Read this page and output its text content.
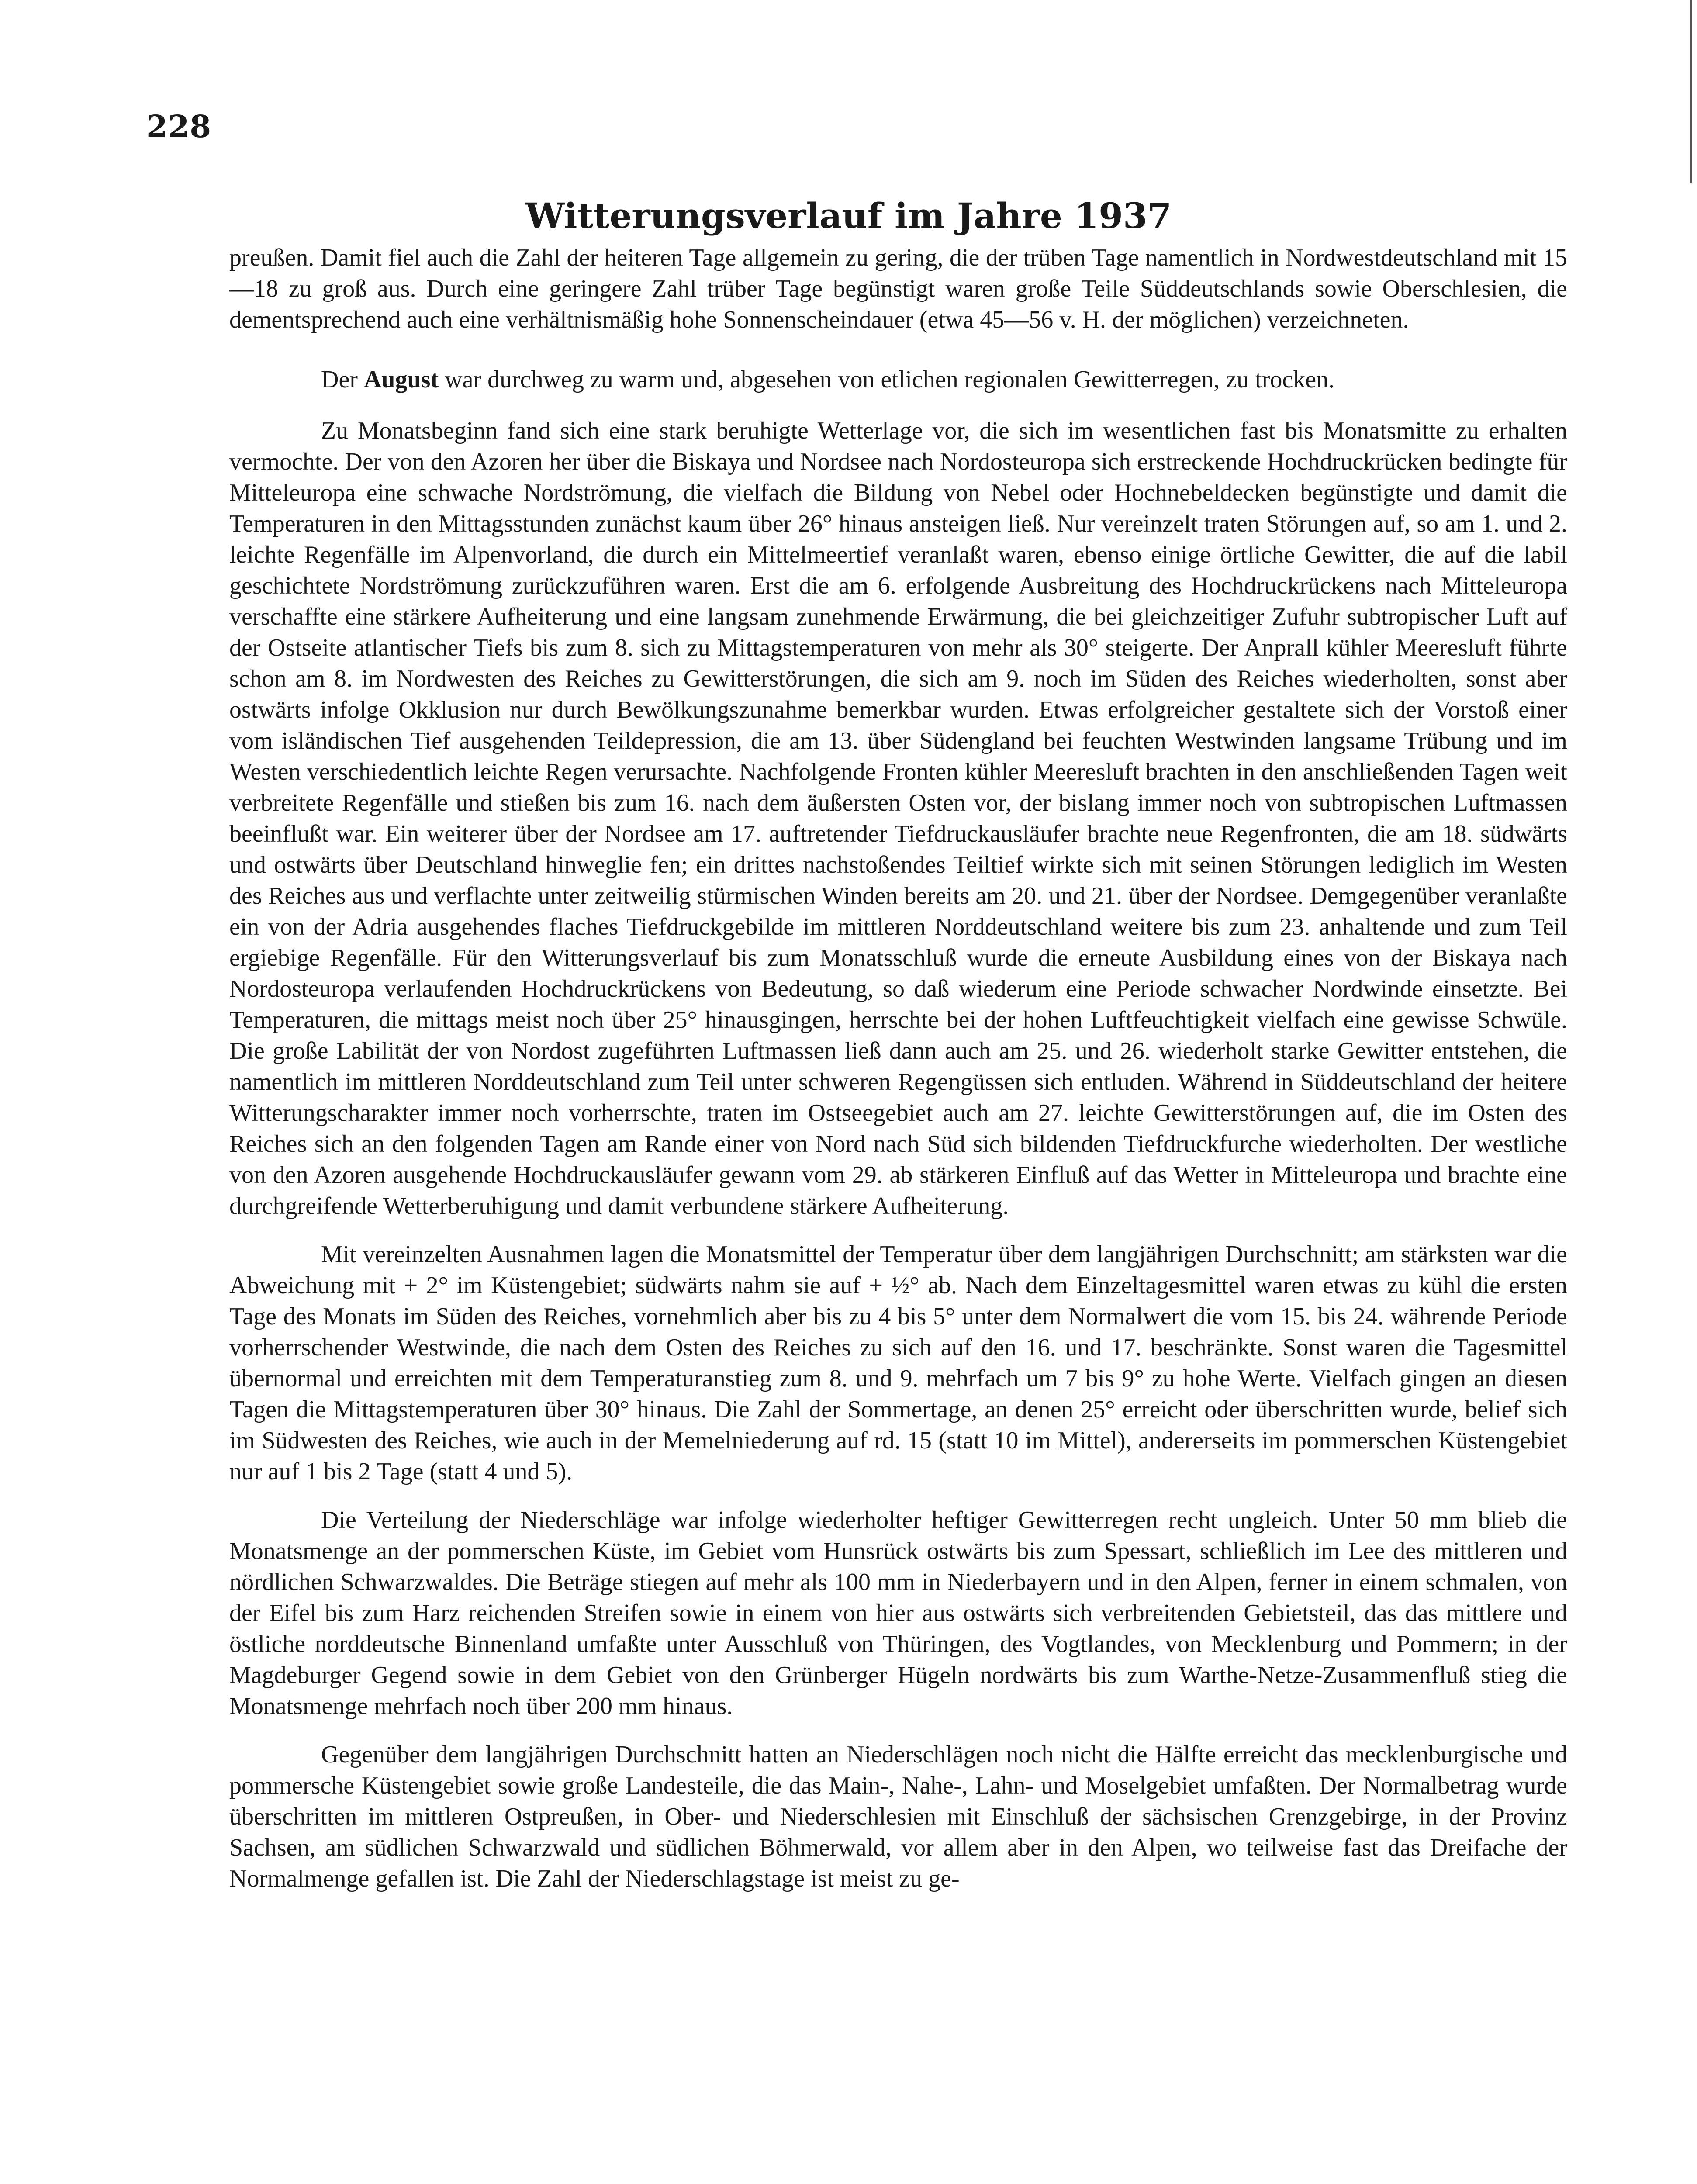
228
Witterungsverlauf im Jahre 1937

preußen. Damit fiel auch die Zahl der heiteren Tage allgemein zu gering, die der trüben Tage namentlich in Nordwestdeutschland mit 15—18 zu groß aus. Durch eine geringere Zahl trüber Tage begünstigt waren große Teile Süddeutschlands sowie Oberschlesien, die dementsprechend auch eine verhältnismäßig hohe Sonnenscheindauer (etwa 45—56 v. H. der möglichen) verzeichneten.

Der August war durchweg zu warm und, abgesehen von etlichen regionalen Gewitterregen, zu trocken.

Zu Monatsbeginn fand sich eine stark beruhigte Wetterlage vor, die sich im wesentlichen fast bis Monatsmitte zu erhalten vermochte. Der von den Azoren her über die Biskaya und Nordsee nach Nordosteuropa sich erstreckende Hochdruckrücken bedingte für Mitteleuropa eine schwache Nordströmung, die vielfach die Bildung von Nebel oder Hochnebeldecken begünstigte und damit die Temperaturen in den Mittagsstunden zunächst kaum über 26° hinaus ansteigen ließ. Nur vereinzelt traten Störungen auf, so am 1. und 2. leichte Regenfälle im Alpenvorland, die durch ein Mittelmeertief veranlaßt waren, ebenso einige örtliche Gewitter, die auf die labil geschichtete Nordströmung zurückzuführen waren. Erst die am 6. erfolgende Ausbreitung des Hochdruckrückens nach Mitteleuropa verschaffte eine stärkere Aufheiterung und eine langsam zunehmende Erwärmung, die bei gleichzeitiger Zufuhr subtropischer Luft auf der Ostseite atlantischer Tiefs bis zum 8. sich zu Mittagstemperaturen von mehr als 30° steigerte. Der Anprall kühler Meeresluft führte schon am 8. im Nordwesten des Reiches zu Gewitterstörungen, die sich am 9. noch im Süden des Reiches wiederholten, sonst aber ostwärts infolge Okklusion nur durch Bewölkungszunahme bemerkbar wurden. Etwas erfolgreicher gestaltete sich der Vorstoß einer vom isländischen Tief ausgehenden Teildepression, die am 13. über Südengland bei feuchten Westwinden langsame Trübung und im Westen verschiedentlich leichte Regen verursachte. Nachfolgende Fronten kühler Meeresluft brachten in den anschließenden Tagen weit verbreitete Regenfälle und stießen bis zum 16. nach dem äußersten Osten vor, der bislang immer noch von subtropischen Luftmassen beeinflußt war. Ein weiterer über der Nordsee am 17. auftretender Tiefdruckausläufer brachte neue Regenfronten, die am 18. südwärts und ostwärts über Deutschland hinweglie fen; ein drittes nachstoßendes Teiltief wirkte sich mit seinen Störungen lediglich im Westen des Reiches aus und verflachte unter zeitweilig stürmischen Winden bereits am 20. und 21. über der Nordsee. Demgegenüber veranlaßte ein von der Adria ausgehendes flaches Tiefdruckgebilde im mittleren Norddeutschland weitere bis zum 23. anhaltende und zum Teil ergiebige Regenfälle. Für den Witterungsverlauf bis zum Monatsschluß wurde die erneute Ausbildung eines von der Biskaya nach Nordosteuropa verlaufenden Hochdruckrückens von Bedeutung, so daß wiederum eine Periode schwacher Nordwinde einsetzte. Bei Temperaturen, die mittags meist noch über 25° hinausgingen, herrschte bei der hohen Luftfeuchtigkeit vielfach eine gewisse Schwüle. Die große Labilität der von Nordost zugeführten Luftmassen ließ dann auch am 25. und 26. wiederholt starke Gewitter entstehen, die namentlich im mittleren Norddeutschland zum Teil unter schweren Regengüssen sich entluden. Während in Süddeutschland der heitere Witterungscharakter immer noch vorherrschte, traten im Ostseegebiet auch am 27. leichte Gewitterstörungen auf, die im Osten des Reiches sich an den folgenden Tagen am Rande einer von Nord nach Süd sich bildenden Tiefdruckfurche wiederholten. Der westliche von den Azoren ausgehende Hochdruckausläufer gewann vom 29. ab stärkeren Einfluß auf das Wetter in Mitteleuropa und brachte eine durchgreifende Wetterberuhigung und damit verbundene stärkere Aufheiterung.

Mit vereinzelten Ausnahmen lagen die Monatsmittel der Temperatur über dem langjährigen Durchschnitt; am stärksten war die Abweichung mit + 2° im Küstengebiet; südwärts nahm sie auf + ½° ab. Nach dem Einzeltagesmittel waren etwas zu kühl die ersten Tage des Monats im Süden des Reiches, vornehmlich aber bis zu 4 bis 5° unter dem Normalwert die vom 15. bis 24. währende Periode vorherrschender Westwinde, die nach dem Osten des Reiches zu sich auf den 16. und 17. beschränkte. Sonst waren die Tagesmittel übernormal und erreichten mit dem Temperaturanstieg zum 8. und 9. mehrfach um 7 bis 9° zu hohe Werte. Vielfach gingen an diesen Tagen die Mittagstemperaturen über 30° hinaus. Die Zahl der Sommertage, an denen 25° erreicht oder überschritten wurde, belief sich im Südwesten des Reiches, wie auch in der Memelniederung auf rd. 15 (statt 10 im Mittel), andererseits im pommerschen Küstengebiet nur auf 1 bis 2 Tage (statt 4 und 5).

Die Verteilung der Niederschläge war infolge wiederholter heftiger Gewitterregen recht ungleich. Unter 50 mm blieb die Monatsmenge an der pommerschen Küste, im Gebiet vom Hunsrück ostwärts bis zum Spessart, schließlich im Lee des mittleren und nördlichen Schwarzwaldes. Die Beträge stiegen auf mehr als 100 mm in Niederbayern und in den Alpen, ferner in einem schmalen, von der Eifel bis zum Harz reichenden Streifen sowie in einem von hier aus ostwärts sich verbreitenden Gebietsteil, das das mittlere und östliche norddeutsche Binnenland umfaßte unter Ausschluß von Thüringen, des Vogtlandes, von Mecklenburg und Pommern; in der Magdeburger Gegend sowie in dem Gebiet von den Grünberger Hügeln nordwärts bis zum Warthe-Netze-Zusammenfluß stieg die Monatsmenge mehrfach noch über 200 mm hinaus.

Gegenüber dem langjährigen Durchschnitt hatten an Niederschlägen noch nicht die Hälfte erreicht das mecklenburgische und pommersche Küstengebiet sowie große Landesteile, die das Main-, Nahe-, Lahn- und Moselgebiet umfaßten. Der Normalbetrag wurde überschritten im mittleren Ostpreußen, in Ober- und Niederschlesien mit Einschluß der sächsischen Grenzgebirge, in der Provinz Sachsen, am südlichen Schwarzwald und südlichen Böhmerwald, vor allem aber in den Alpen, wo teilweise fast das Dreifache der Normalmenge gefallen ist. Die Zahl der Niederschlagstage ist meist zu ge-
